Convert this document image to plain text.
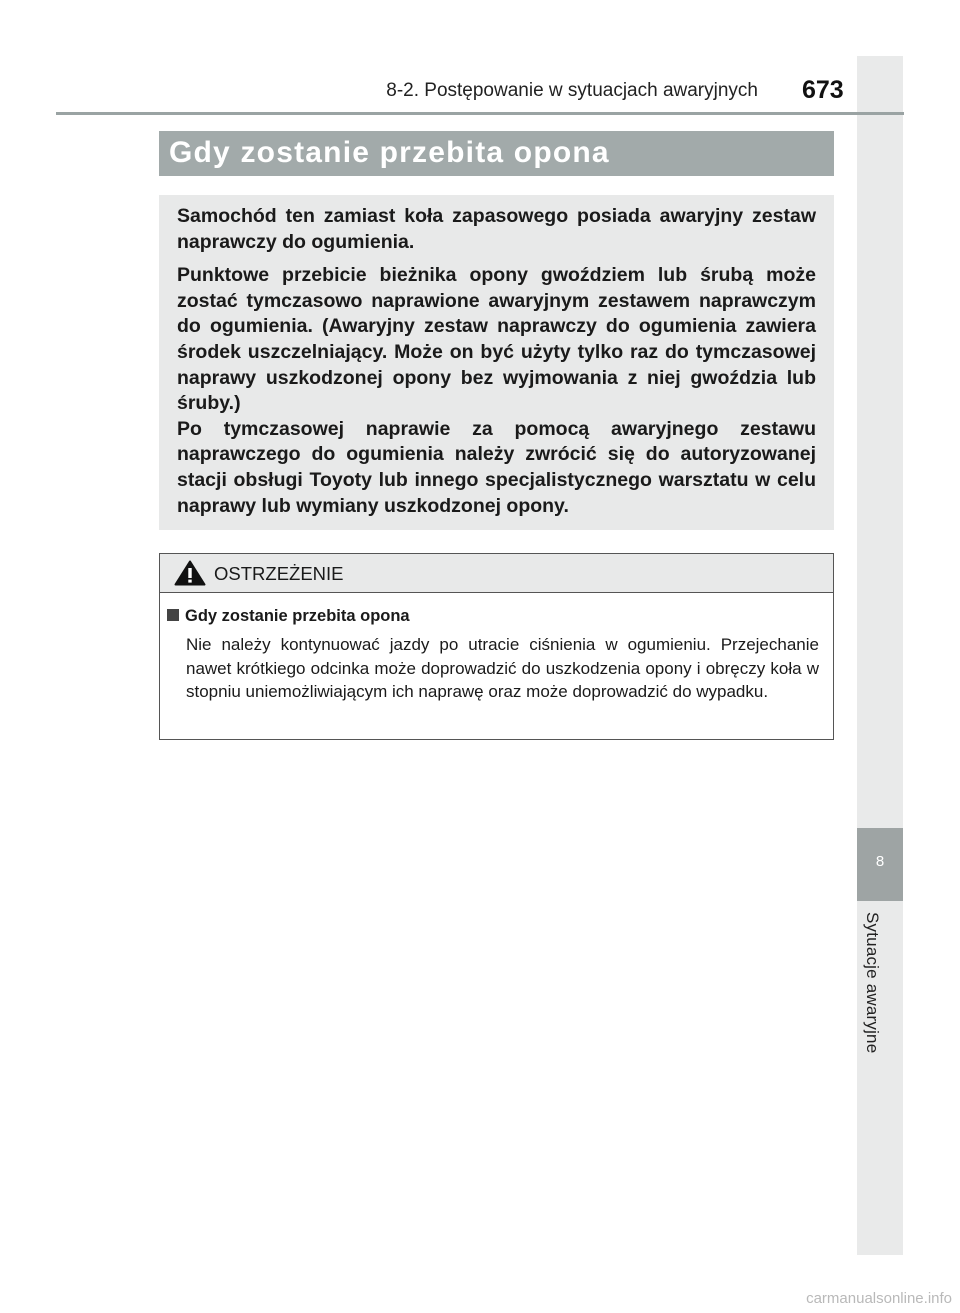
8
Sytuacje awaryjne
8-2. Postępowanie w sytuacjach awaryjnych 673
Gdy zostanie przebita opona

Samochód ten zamiast koła zapasowego posiada awaryjny zestaw naprawczy do ogumienia.

Punktowe przebicie bieżnika opony gwoździem lub śrubą może zostać tymczasowo naprawione awaryjnym zestawem naprawczym do ogumienia. (Awaryjny zestaw naprawczy do ogumienia zawiera środek uszczelniający. Może on być użyty tylko raz do tymczasowej naprawy uszkodzonej opony bez wyjmowania z niej gwoździa lub śruby.)

Po tymczasowej naprawie za pomocą awaryjnego zestawu naprawczego do ogumienia należy zwrócić się do autoryzowanej stacji obsługi Toyoty lub innego specjalistycznego warsztatu w celu naprawy lub wymiany uszkodzonej opony.

OSTRZEŻENIE
Gdy zostanie przebita opona
Nie należy kontynuować jazdy po utracie ciśnienia w ogumieniu. Przejechanie nawet krótkiego odcinka może doprowadzić do uszkodzenia opony i obręczy koła w stopniu uniemożliwiającym ich naprawę oraz może doprowadzić do wypadku.
carmanualsonline.info
